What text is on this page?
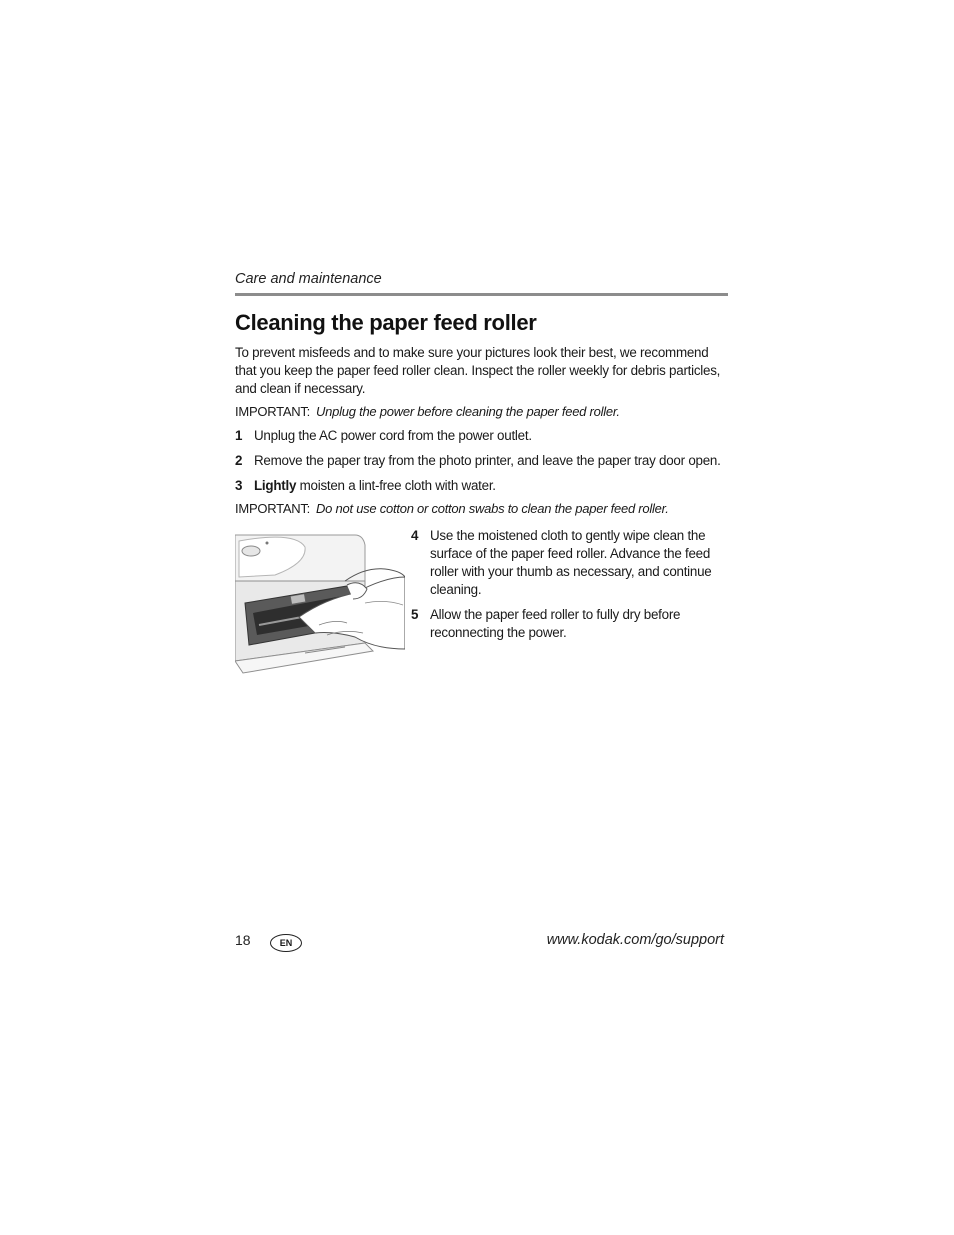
Care and maintenance
Cleaning the paper feed roller

To prevent misfeeds and to make sure your pictures look their best, we recommend that you keep the paper feed roller clean. Inspect the roller weekly for debris particles, and clean if necessary.

IMPORTANT: Unplug the power before cleaning the paper feed roller.

1 Unplug the AC power cord from the power outlet.

2 Remove the paper tray from the photo printer, and leave the paper tray door open.

3 Lightly moisten a lint-free cloth with water.

IMPORTANT: Do not use cotton or cotton swabs to clean the paper feed roller.

4 Use the moistened cloth to gently wipe clean the surface of the paper feed roller. Advance the feed roller with your thumb as necessary, and continue cleaning.
5 Allow the paper feed roller to fully dry before reconnecting the power.
18	EN	www.kodak.com/go/support
